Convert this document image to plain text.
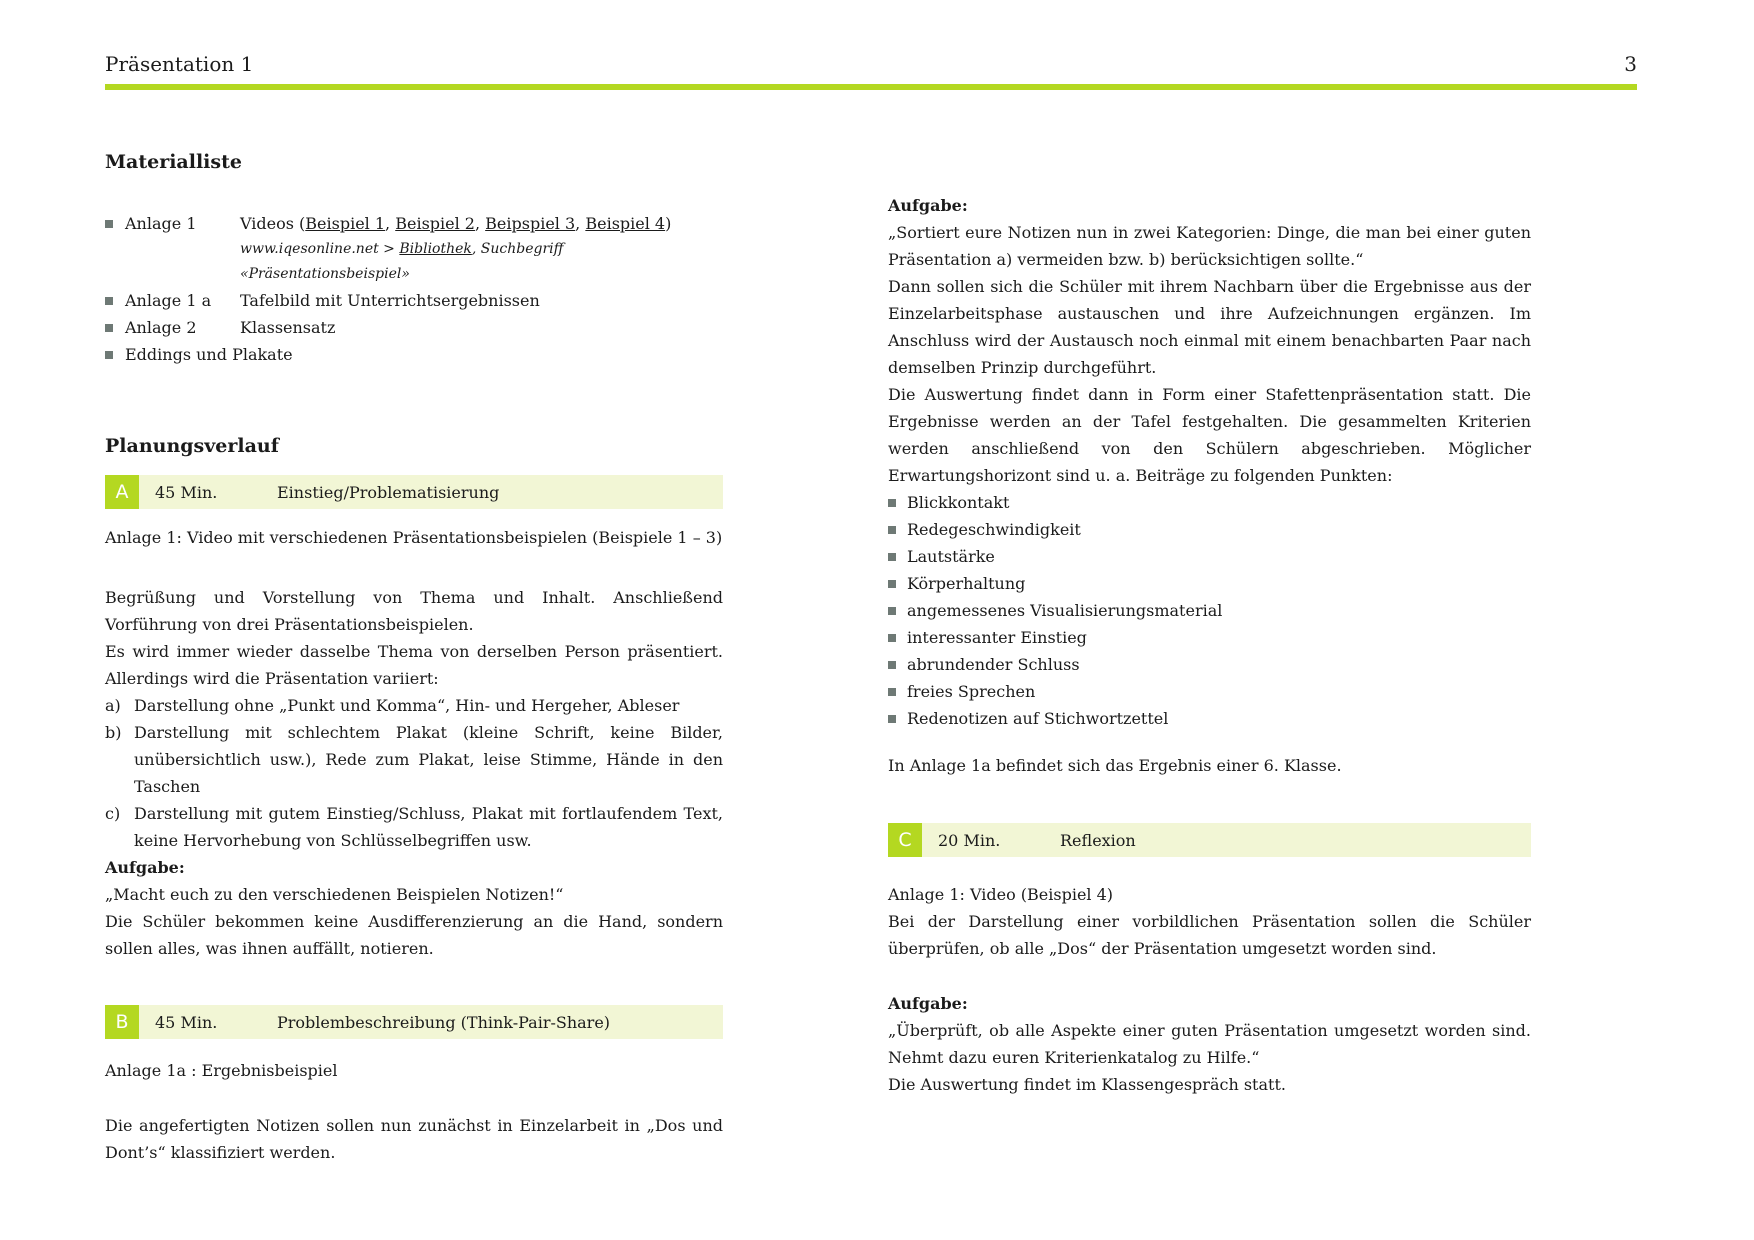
Präsentation 1	3

Materialliste

Anlage 1	Videos (Beispiel 1, Beispiel 2, Beipspiel 3, Beispiel 4)
www.iqesonline.net > Bibliothek, Suchbegriff «Präsentationsbeispiel»
Anlage 1 a	Tafelbild mit Unterrichtsergebnissen
Anlage 2	Klassensatz
Eddings und Plakate

Planungsverlauf

A	45 Min.	Einstieg/Problematisierung

Anlage 1: Video mit verschiedenen Präsentationsbeispielen (Beispiele 1 – 3)

Begrüßung und Vorstellung von Thema und Inhalt. Anschließend Vorführung von drei Präsentationsbeispielen.

Es wird immer wieder dasselbe Thema von derselben Person präsentiert. Allerdings wird die Präsentation variiert:

a) Darstellung ohne „Punkt und Komma“, Hin- und Hergeher, Ableser
b) Darstellung mit schlechtem Plakat (kleine Schrift, keine Bilder, unübersichtlich usw.), Rede zum Plakat, leise Stimme, Hände in den Taschen
c) Darstellung mit gutem Einstieg/Schluss, Plakat mit fortlaufendem Text, keine Hervorhebung von Schlüsselbegriffen usw.

Aufgabe:

„Macht euch zu den verschiedenen Beispielen Notizen!“

Die Schüler bekommen keine Ausdifferenzierung an die Hand, sondern sollen alles, was ihnen auffällt, notieren.

B	45 Min.	Problembeschreibung (Think-Pair-Share)

Anlage 1a : Ergebnisbeispiel

Die angefertigten Notizen sollen nun zunächst in Einzelarbeit in „Dos und Dont’s“ klassifiziert werden.

Aufgabe:

„Sortiert eure Notizen nun in zwei Kategorien: Dinge, die man bei einer guten Präsentation a) vermeiden bzw. b) berücksichtigen sollte.“

Dann sollen sich die Schüler mit ihrem Nachbarn über die Ergebnisse aus der Einzelarbeitsphase austauschen und ihre Aufzeichnungen ergänzen. Im Anschluss wird der Austausch noch einmal mit einem benachbarten Paar nach demselben Prinzip durchgeführt.

Die Auswertung findet dann in Form einer Stafettenpräsentation statt. Die Ergebnisse werden an der Tafel festgehalten. Die gesammelten Kriterien werden anschließend von den Schülern abgeschrieben. Möglicher Erwartungshorizont sind u. a. Beiträge zu folgenden Punkten:

Blickkontakt
Redegeschwindigkeit
Lautstärke
Körperhaltung
angemessenes Visualisierungsmaterial
interessanter Einstieg
abrundender Schluss
freies Sprechen
Redenotizen auf Stichwortzettel

In Anlage 1a befindet sich das Ergebnis einer 6. Klasse.

C	20 Min.	Reflexion

Anlage 1: Video (Beispiel 4)

Bei der Darstellung einer vorbildlichen Präsentation sollen die Schüler überprüfen, ob alle „Dos“ der Präsentation umgesetzt worden sind.

Aufgabe:

„Überprüft, ob alle Aspekte einer guten Präsentation umgesetzt worden sind. Nehmt dazu euren Kriterienkatalog zu Hilfe.“

Die Auswertung findet im Klassengespräch statt.
